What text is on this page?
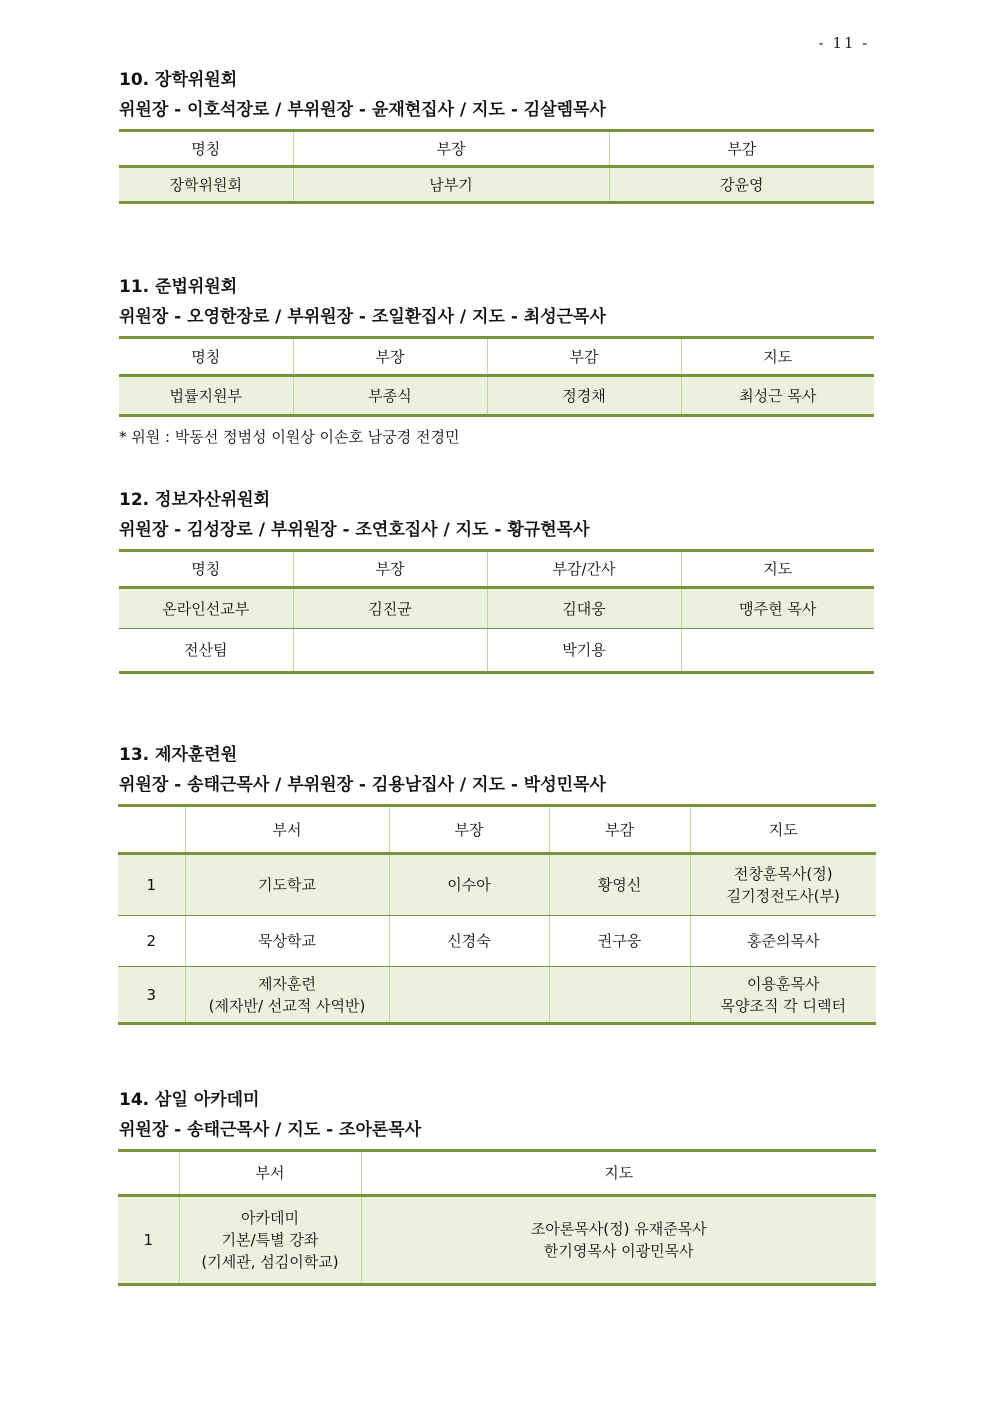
- 11 -
10. 장학위원회
위원장 - 이호석장로 / 부위원장 - 윤재현집사 / 지도 - 김살렘목사
명칭	부장	부감
장학위원회	남부기	강윤영
11. 준법위원회
위원장 - 오영한장로 / 부위원장 - 조일환집사 / 지도 - 최성근목사
명칭	부장	부감	지도
법률지원부	부종식	정경채	최성근 목사
* 위원 : 박동선 정범성 이원상 이손호 남궁경 전경민
12. 정보자산위원회
위원장 - 김성장로 / 부위원장 - 조연호집사 / 지도 - 황규현목사
명칭	부장	부감/간사	지도
온라인선교부	김진균	김대웅	맹주현 목사
전산팀		박기용	
13. 제자훈련원
위원장 - 송태근목사 / 부위원장 - 김용남집사 / 지도 - 박성민목사
	부서	부장	부감	지도
1	기도학교	이수아	황영신	전창훈목사(정)
길기정전도사(부)

2	묵상학교	신경숙	권구웅	홍준의목사
3	제자훈련
(제자반/ 선교적 사역반)			이용훈목사
목양조직 각 디렉터
14. 삼일 아카데미
위원장 - 송태근목사 / 지도 - 조아론목사
	부서	지도
1	아카데미
기본/특별 강좌
(기세관, 섬김이학교)	조아론목사(정) 유재준목사
한기영목사 이광민목사
